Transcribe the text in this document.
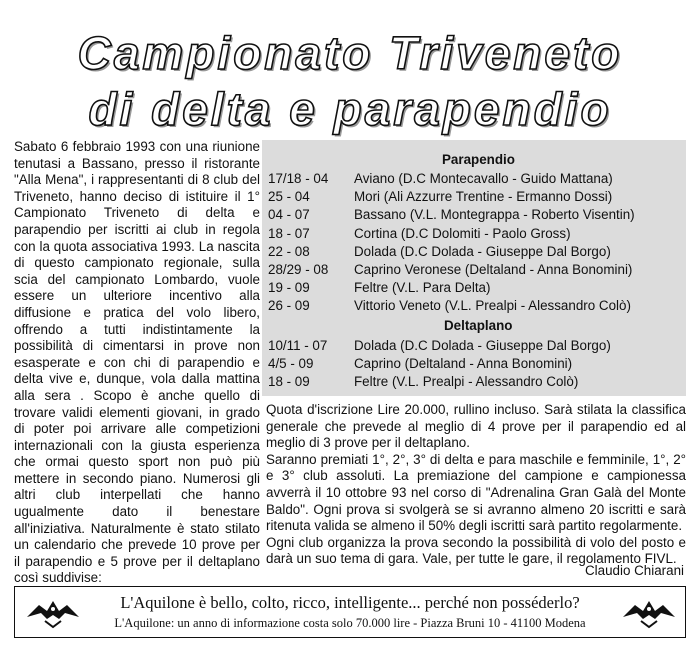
Campionato Triveneto
di delta e parapendio

Sabato 6 febbraio 1993 con una riunione tenutasi a Bassano, presso il ristorante "Alla Mena", i rappresentanti di 8 club del Triveneto, hanno deciso di istituire il 1° Campionato Triveneto di delta e parapendio per iscritti ai club in regola con la quota associativa 1993. La nascita di questo campionato regionale, sulla scia del campionato Lombardo, vuole essere un ulteriore incentivo alla diffusione e pratica del volo libero, offrendo a tutti indistintamente la possibilità di cimentarsi in prove non esasperate e con chi di parapendio e delta vive e, dunque, vola dalla mattina alla sera . Scopo è anche quello di trovare validi elementi giovani, in grado di poter poi arrivare alle competizioni internazionali con la giusta esperienza che ormai questo sport non può più mettere in secondo piano. Numerosi gli altri club interpellati che hanno ugualmente dato il benestare all'iniziativa. Naturalmente è stato stilato un calendario che prevede 10 prove per il parapendio e 5 prove per il deltaplano così suddivise:

Parapendio
17/18 - 04 Aviano (D.C Montecavallo - Guido Mattana)
25 - 04	Mori (Ali Azzurre Trentine - Ermanno Dossi)
04 - 07	Bassano (V.L. Montegrappa - Roberto Visentin)
18 - 07	Cortina (D.C Dolomiti - Paolo Gross)
22 - 08	Dolada (D.C Dolada - Giuseppe Dal Borgo)
28/29 - 08 Caprino Veronese (Deltaland - Anna Bonomini)
19 - 09	Feltre (V.L. Para Delta)
26 - 09	Vittorio Veneto (V.L. Prealpi - Alessandro Colò)
Deltaplano
10/11 - 07 Dolada (D.C Dolada - Giuseppe Dal Borgo)
4/5 - 09	Caprino (Deltaland - Anna Bonomini)
18 - 09	Feltre (V.L. Prealpi - Alessandro Colò)

Quota d'iscrizione Lire 20.000, rullino incluso. Sarà stilata la classifica generale che prevede al meglio di 4 prove per il parapendio ed al meglio di 3 prove per il deltaplano.

Saranno premiati 1°, 2°, 3° di delta e para maschile e femminile, 1°, 2° e 3° club assoluti. La premiazione del campione e campionessa avverrà il 10 ottobre 93 nel corso di "Adrenalina Gran Galà del Monte Baldo". Ogni prova si svolgerà se si avranno almeno 20 iscritti e sarà ritenuta valida se almeno il 50% degli iscritti sarà partito regolarmente.

Ogni club organizza la prova secondo la possibilità di volo del posto e darà un suo tema di gara. Vale, per tutte le gare, il regolamento FIVL.

Claudio Chiarani
L'Aquilone è bello, colto, ricco, intelligente... perché non posséderlo?
L'Aquilone: un anno di informazione costa solo 70.000 lire - Piazza Bruni 10 - 41100 Modena
